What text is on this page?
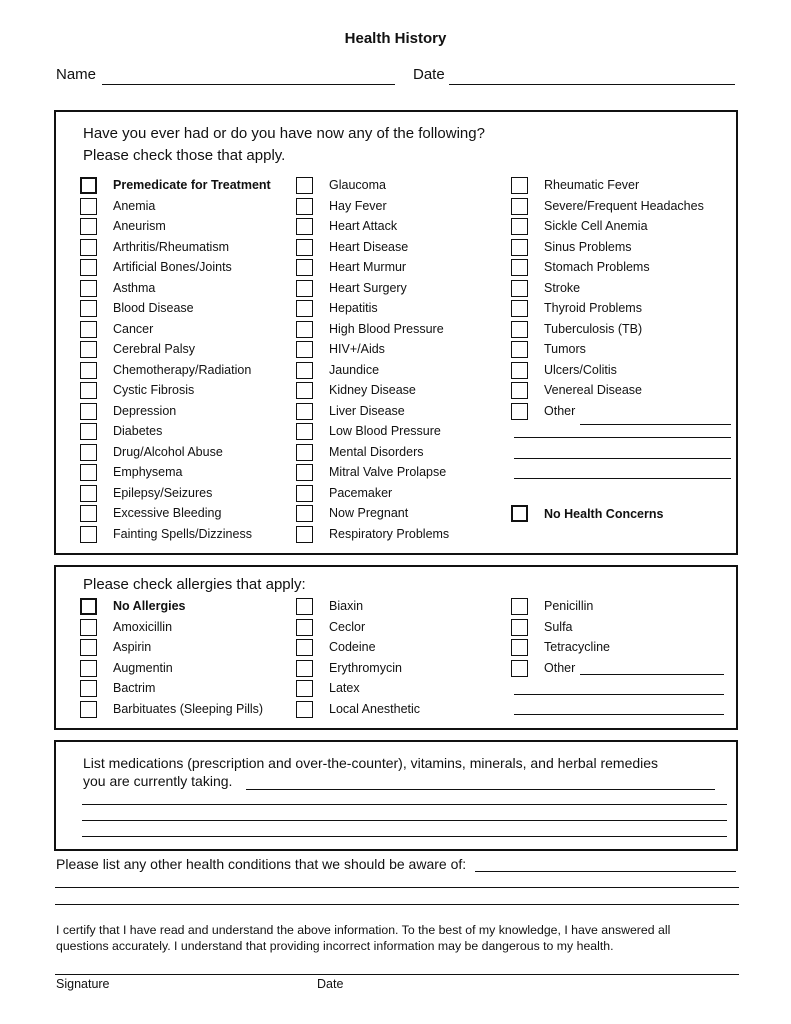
Health History
Name	Date
Have you ever had or do you have now any of the following?
Please check those that apply.
Premedicate for Treatment
Anemia
Aneurism
Arthritis/Rheumatism
Artificial Bones/Joints
Asthma
Blood Disease
Cancer
Cerebral Palsy
Chemotherapy/Radiation
Cystic Fibrosis
Depression
Diabetes
Drug/Alcohol Abuse
Emphysema
Epilepsy/Seizures
Excessive Bleeding
Fainting Spells/Dizziness
Glaucoma
Hay Fever
Heart Attack
Heart Disease
Heart Murmur
Heart Surgery
Hepatitis
High Blood Pressure
HIV+/Aids
Jaundice
Kidney Disease
Liver Disease
Low Blood Pressure
Mental Disorders
Mitral Valve Prolapse
Pacemaker
Now Pregnant
Respiratory Problems
Rheumatic Fever
Severe/Frequent Headaches
Sickle Cell Anemia
Sinus Problems
Stomach Problems
Stroke
Thyroid Problems
Tuberculosis (TB)
Tumors
Ulcers/Colitis
Venereal Disease
Other
No Health Concerns
Please check allergies that apply:
No Allergies
Amoxicillin
Aspirin
Augmentin
Bactrim
Barbituates (Sleeping Pills)
Biaxin
Ceclor
Codeine
Erythromycin
Latex
Local Anesthetic
Penicillin
Sulfa
Tetracycline
Other
List medications (prescription and over-the-counter), vitamins, minerals, and herbal remedies
you are currently taking.
Please list any other health conditions that we should be aware of:
I certify that I have read and understand the above information. To the best of my knowledge, I have answered all
questions accurately. I understand that providing incorrect information may be dangerous to my health.
Signature	Date
